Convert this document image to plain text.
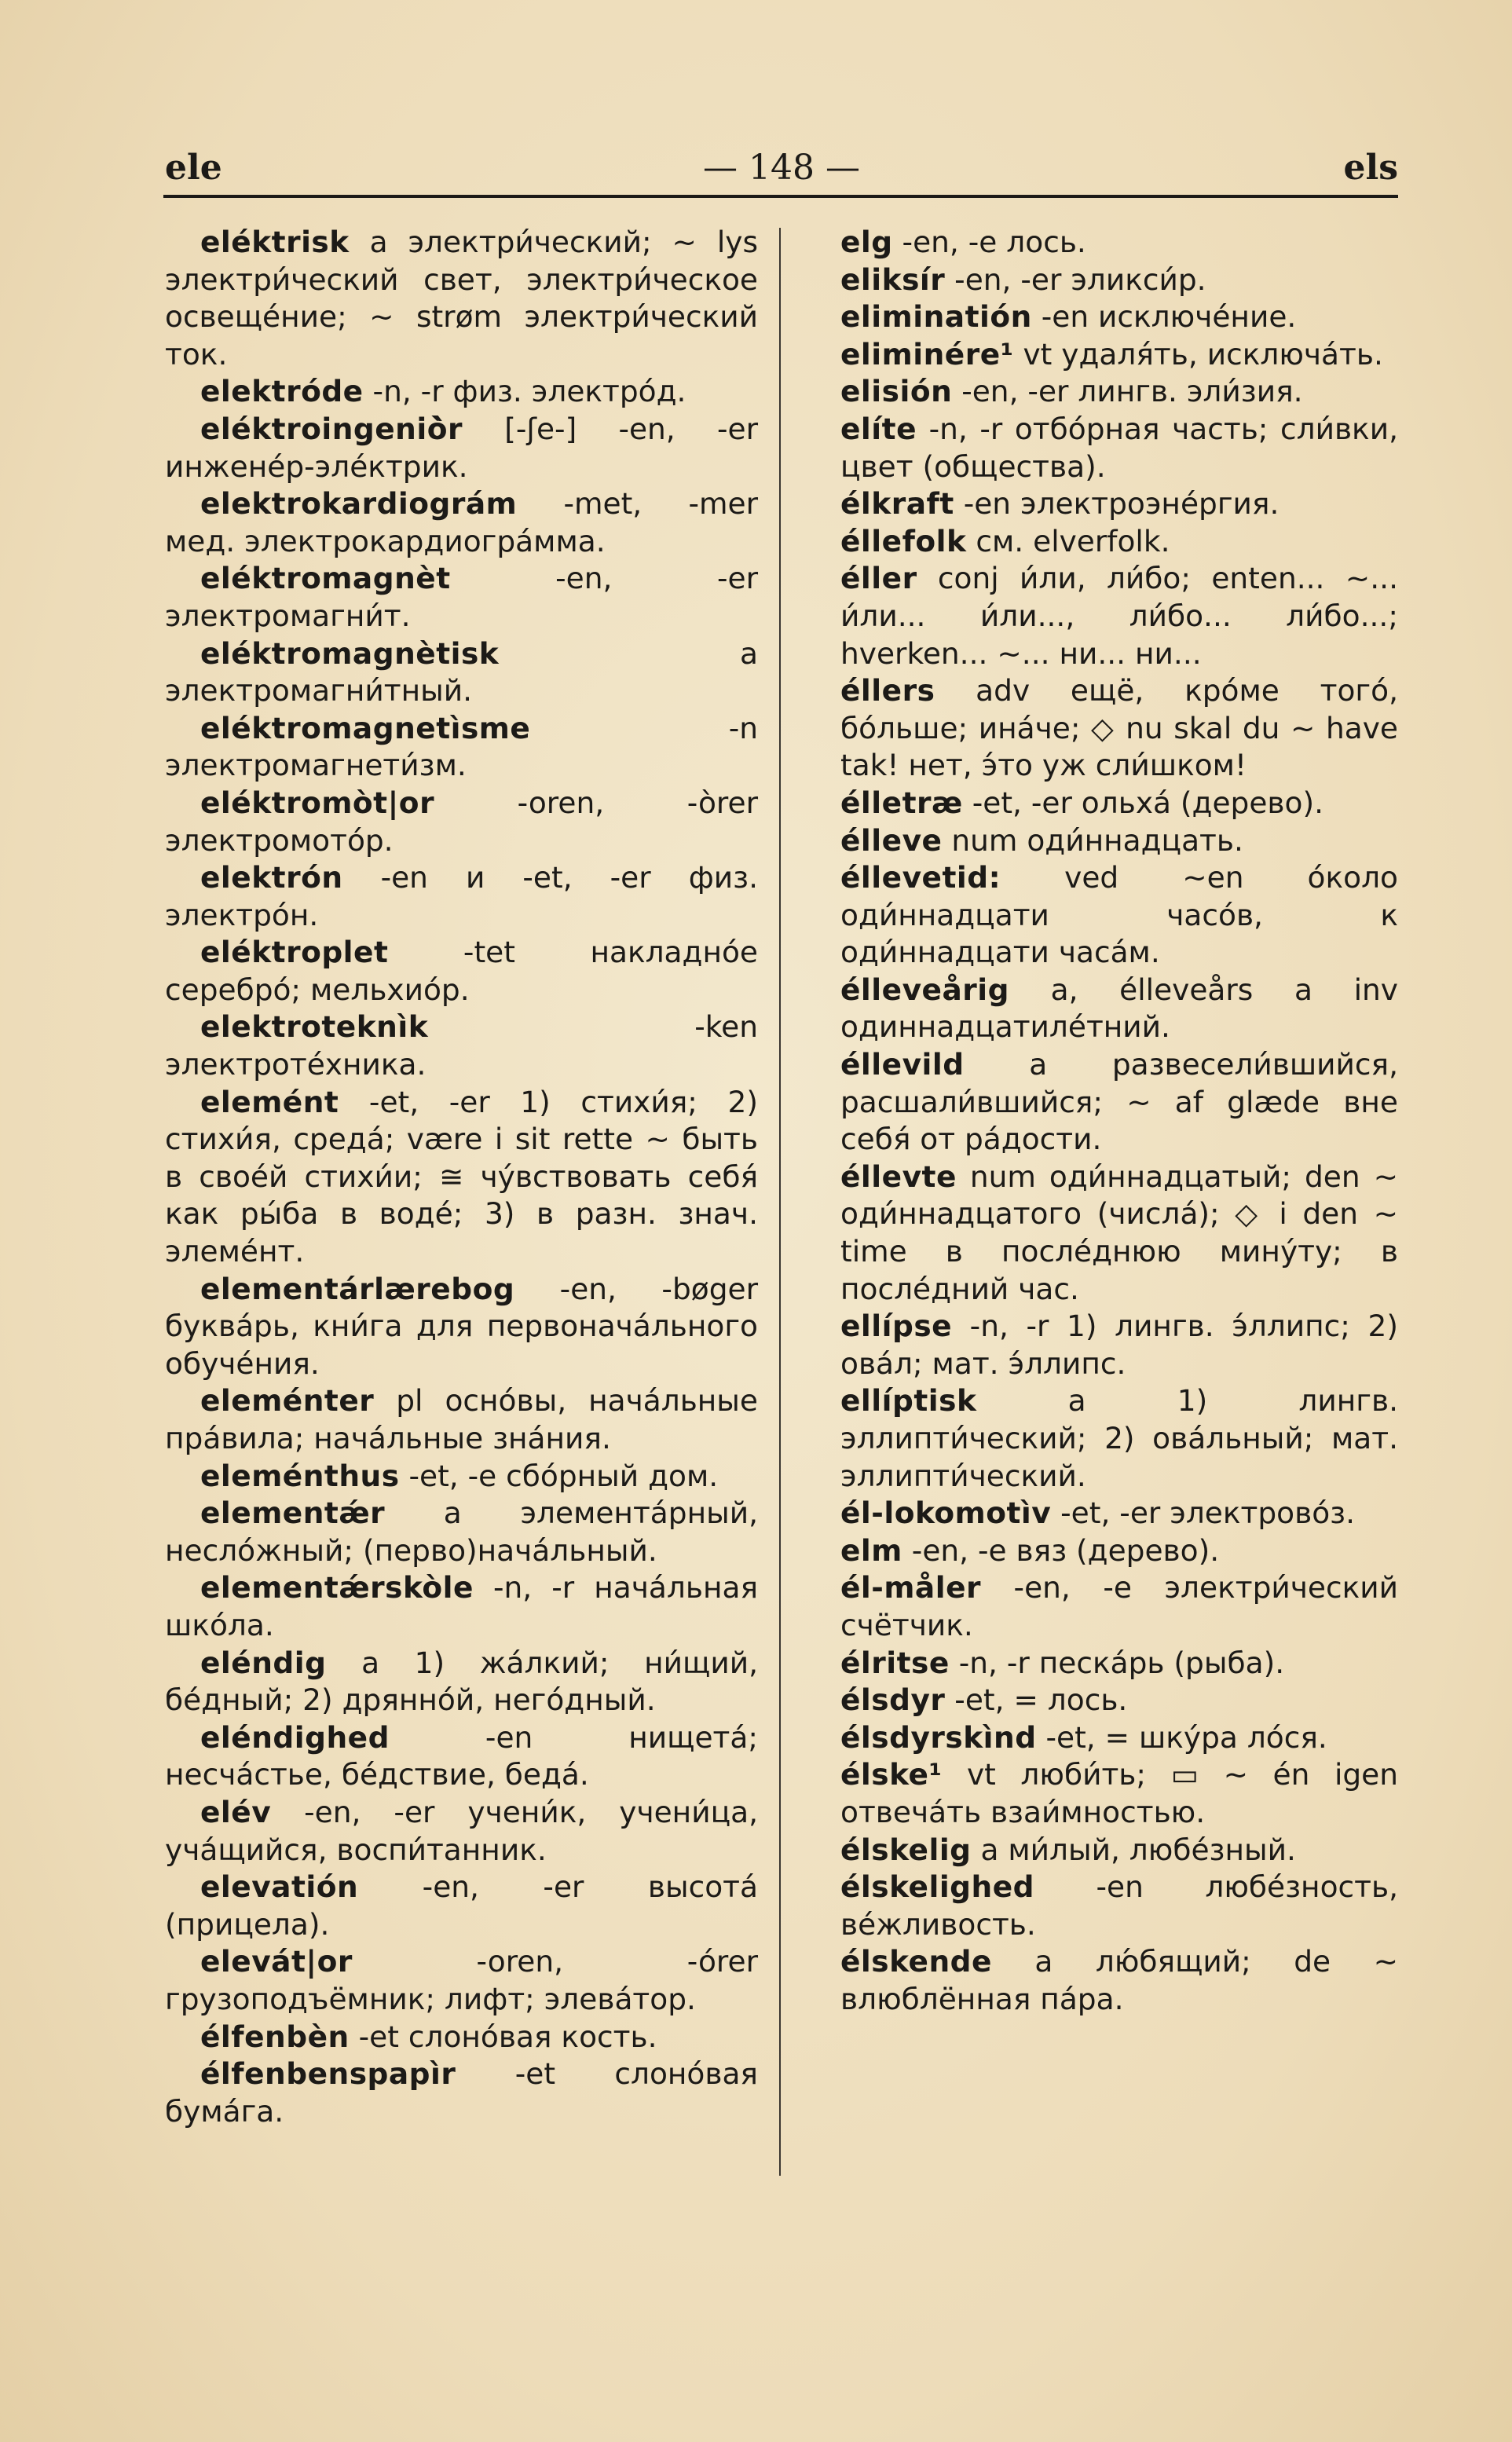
ele	— 148 —	els

eléktrisk а электри́ческий; ~ lys электри́ческий свет, электри́ческое освеще́ние; ~ strøm электри́ческий ток.

elektróde -n, -r физ. электро́д.

eléktroingeniò̀r [-ʃe-] -en, -er инжене́р-эле́ктрик.

elektrokardiográm -met, -mer мед. электрокардиогра́мма.

eléktromagnèt -en, -er электромагни́т.

eléktromagnètisk а электромагни́тный.

eléktromagnetìsme -n электромагнети́зм.

eléktromòt|or -oren, -òrer электромото́р.

elektrón -en и -et, -er физ. электро́н.

eléktroplet -tet накладно́е серебро́; мельхио́р.

elektroteknìk -ken электроте́хника.

elemént -et, -er 1) стихи́я; 2) стихи́я, среда́; være i sit rette ~ быть в свое́й стихи́и; ≅ чу́вствовать себя́ как ры́ба в воде́; 3) в разн. знач. элеме́нт.

elementárlærebog -en, -bøger буква́рь, кни́га для первонача́льного обуче́ния.

eleménter pl осно́вы, нача́льные пра́вила; нача́льные зна́ния.

eleménthus -et, -e сбо́рный дом.

elementǽr а элемента́рный, несло́жный; (перво)нача́льный.

elementǽrskòle -n, -r нача́льная шко́ла.

eléndig а 1) жа́лкий; ни́щий, бе́дный; 2) дрянно́й, него́дный.

eléndighed -en нищета́; несча́стье, бе́дствие, беда́.

elév -en, -er учени́к, учени́ца, уча́щийся, воспи́танник.

elevatión -en, -er высота́ (прицела).

elevát|or -oren, -órer грузоподъёмник; лифт; элева́тор.

élfenbèn -et слоно́вая кость.

élfenbenspapìr -et слоно́вая бума́га.

elg -en, -e лось.

eliksír -en, -er эликси́р.

eliminatión -en исключе́ние.

eliminére¹ vt удаля́ть, исключа́ть.

elisión -en, -er лингв. эли́зия.

elíte -n, -r отбо́рная часть; сли́вки, цвет (общества).

élkraft -en электроэне́ргия.

éllefolk см. elverfolk.

éller conj и́ли, ли́бо; enten... ~... и́ли... и́ли..., ли́бо... ли́бо...; hverken... ~... ни... ни...

éllers adv ещё, кро́ме того́, бо́льше; ина́че; ◇ nu skal du ~ have tak! нет, э́то уж сли́шком!

élletræ -et, -er ольха́ (дерево).

élleve num оди́ннадцать.

éllevetid: ved ~en о́коло оди́ннадцати часо́в, к оди́ннадцати часа́м.

élleveårig а, élleveårs a inv одиннадцатиле́тний.

éllevild а развесели́вшийся, расшали́вшийся; ~ af glæde вне себя́ от ра́дости.

éllevte num оди́ннадцатый; den ~ оди́ннадцатого (числа́); ◇ i den ~ time в после́днюю мину́ту; в после́дний час.

ellípse -n, -r 1) лингв. э́ллипс; 2) ова́л; мат. э́ллипс.

ellíptisk а 1) лингв. эллипти́ческий; 2) ова́льный; мат. эллипти́ческий.

él-lokomotìv -et, -er электрово́з.

elm -en, -e вяз (дерево).

él-måler -en, -e электри́ческий счётчик.

élritse -n, -r песка́рь (рыба).

élsdyr -et, = лось.

élsdyrskìnd -et, = шку́ра ло́ся.

élske¹ vt люби́ть; ▭ ~ én igen отвеча́ть взаи́мностью.

élskelig а ми́лый, любе́зный.

élskelighed -en любе́зность, ве́жливость.

élskende а лю́бящий; de ~ влюблённая па́ра.
